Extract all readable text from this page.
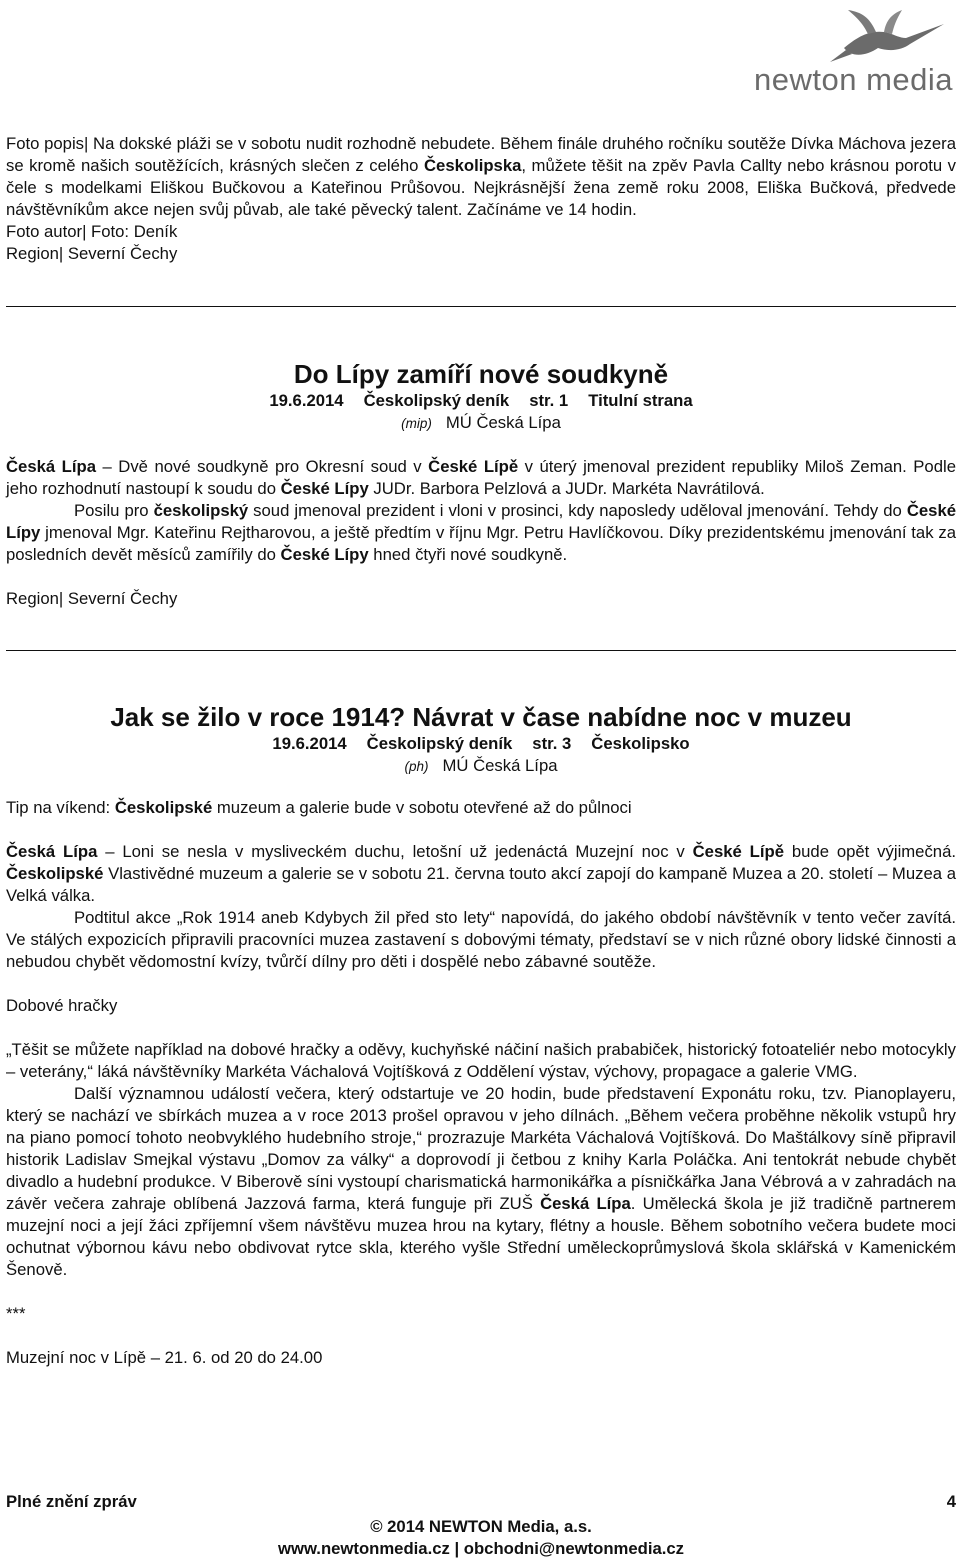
newton media

Foto popis| Na dokské pláži se v sobotu nudit rozhodně nebudete. Během finále druhého ročníku soutěže Dívka Máchova jezera se kromě našich soutěžících, krásných slečen z celého Českolipska, můžete těšit na zpěv Pavla Callty nebo krásnou porotu v čele s modelkami Eliškou Bučkovou a Kateřinou Průšovou. Nejkrásnější žena země roku 2008, Eliška Bučková, předvede návštěvníkům akce nejen svůj půvab, ale také pěvecký talent. Začínáme ve 14 hodin.

Foto autor| Foto: Deník

Region| Severní Čechy

Do Lípy zamíří nové soudkyně

19.6.2014 Českolipský deník str. 1 Titulní strana

(mip) MÚ Česká Lípa

Česká Lípa – Dvě nové soudkyně pro Okresní soud v České Lípě v úterý jmenoval prezident republiky Miloš Zeman. Podle jeho rozhodnutí nastoupí k soudu do České Lípy JUDr. Barbora Pelzlová a JUDr. Markéta Navrátilová.

Posilu pro českolipský soud jmenoval prezident i vloni v prosinci, kdy naposledy uděloval jmenování. Tehdy do České Lípy jmenoval Mgr. Kateřinu Rejtharovou, a ještě předtím v říjnu Mgr. Petru Havlíčkovou. Díky prezidentskému jmenování tak za posledních devět měsíců zamířily do České Lípy hned čtyři nové soudkyně.

Region| Severní Čechy

Jak se žilo v roce 1914? Návrat v čase nabídne noc v muzeu

19.6.2014 Českolipský deník str. 3 Českolipsko

(ph) MÚ Česká Lípa

Tip na víkend: Českolipské muzeum a galerie bude v sobotu otevřené až do půlnoci

Česká Lípa – Loni se nesla v mysliveckém duchu, letošní už jedenáctá Muzejní noc v České Lípě bude opět výjimečná. Českolipské Vlastivědné muzeum a galerie se v sobotu 21. června touto akcí zapojí do kampaně Muzea a 20. století – Muzea a Velká válka.

Podtitul akce „Rok 1914 aneb Kdybych žil před sto lety“ napovídá, do jakého období návštěvník v tento večer zavítá. Ve stálých expozicích připravili pracovníci muzea zastavení s dobovými tématy, představí se v nich různé obory lidské činnosti a nebudou chybět vědomostní kvízy, tvůrčí dílny pro děti i dospělé nebo zábavné soutěže.

Dobové hračky

„Těšit se můžete například na dobové hračky a oděvy, kuchyňské náčiní našich prababiček, historický fotoateliér nebo motocykly – veterány,“ láká návštěvníky Markéta Váchalová Vojtíšková z Oddělení výstav, výchovy, propagace a galerie VMG.

Další významnou událostí večera, který odstartuje ve 20 hodin, bude představení Exponátu roku, tzv. Pianoplayeru, který se nachází ve sbírkách muzea a v roce 2013 prošel opravou v jeho dílnách. „Během večera proběhne několik vstupů hry na piano pomocí tohoto neobvyklého hudebního stroje,“ prozrazuje Markéta Váchalová Vojtíšková. Do Maštálkovy síně připravil historik Ladislav Smejkal výstavu „Domov za války“ a doprovodí ji četbou z knihy Karla Poláčka. Ani tentokrát nebude chybět divadlo a hudební produkce. V Biberově síni vystoupí charismatická harmonikářka a písničkářka Jana Vébrová a v zahradách na závěr večera zahraje oblíbená Jazzová farma, která funguje při ZUŠ Česká Lípa. Umělecká škola je již tradičně partnerem muzejní noci a její žáci zpříjemní všem návštěvu muzea hrou na kytary, flétny a housle. Během sobotního večera budete moci ochutnat výbornou kávu nebo obdivovat rytce skla, kterého vyšle Střední uměleckoprůmyslová škola sklářská v Kamenickém Šenově.

***

Muzejní noc v Lípě – 21. 6. od 20 do 24.00

Plné znění zpráv	4
© 2014 NEWTON Media, a.s.
www.newtonmedia.cz | obchodni@newtonmedia.cz
